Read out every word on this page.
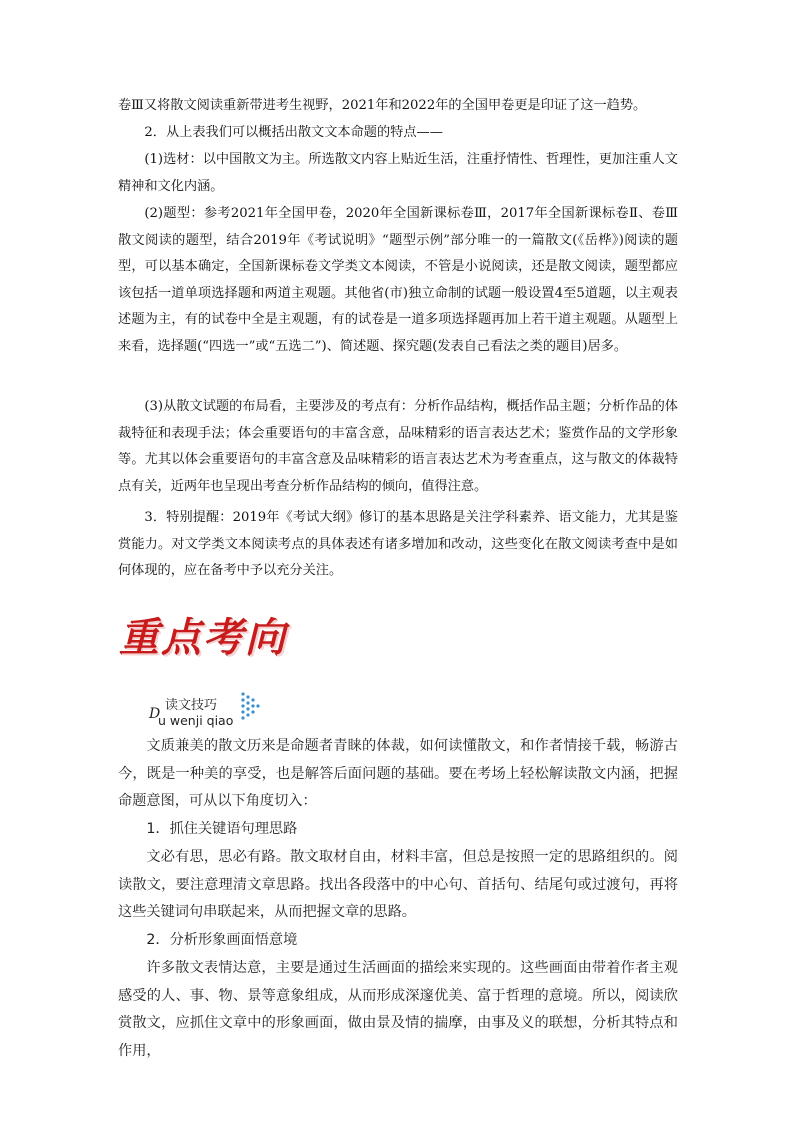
卷Ⅲ又将散文阅读重新带进考生视野，2021年和2022年的全国甲卷更是印证了这一趋势。

2．从上表我们可以概括出散文文本命题的特点——

(1)选材：以中国散文为主。所选散文内容上贴近生活，注重抒情性、哲理性，更加注重人文精神和文化内涵。

(2)题型：参考2021年全国甲卷，2020年全国新课标卷Ⅲ，2017年全国新课标卷Ⅱ、卷Ⅲ散文阅读的题型，结合2019年《考试说明》“题型示例”部分唯一的一篇散文(《岳桦》)阅读的题型，可以基本确定，全国新课标卷文学类文本阅读，不管是小说阅读，还是散文阅读，题型都应该包括一道单项选择题和两道主观题。其他省(市)独立命制的试题一般设置4至5道题，以主观表述题为主，有的试卷中全是主观题，有的试卷是一道多项选择题再加上若干道主观题。从题型上来看，选择题(“四选一”或“五选二”)、简述题、探究题(发表自己看法之类的题目)居多。

(3)从散文试题的布局看，主要涉及的考点有：分析作品结构，概括作品主题；分析作品的体裁特征和表现手法；体会重要语句的丰富含意，品味精彩的语言表达艺术；鉴赏作品的文学形象等。尤其以体会重要语句的丰富含意及品味精彩的语言表达艺术为考查重点，这与散文的体裁特点有关，近两年也呈现出考查分析作品结构的倾向，值得注意。

3．特别提醒：2019年《考试大纲》修订的基本思路是关注学科素养、语文能力，尤其是鉴赏能力。对文学类文本阅读考点的具体表述有诸多增加和改动，这些变化在散文阅读考查中是如何体现的，应在备考中予以充分关注。

重点考向
读文技巧
D
u wenji qiao

文质兼美的散文历来是命题者青睐的体裁，如何读懂散文，和作者情接千载，畅游古今，既是一种美的享受，也是解答后面问题的基础。要在考场上轻松解读散文内涵，把握命题意图，可从以下角度切入：

1．抓住关键语句理思路

文必有思，思必有路。散文取材自由，材料丰富，但总是按照一定的思路组织的。阅读散文，要注意理清文章思路。找出各段落中的中心句、首括句、结尾句或过渡句，再将这些关键词句串联起来，从而把握文章的思路。

2．分析形象画面悟意境

许多散文表情达意，主要是通过生活画面的描绘来实现的。这些画面由带着作者主观感受的人、事、物、景等意象组成，从而形成深邃优美、富于哲理的意境。所以，阅读欣赏散文，应抓住文章中的形象画面，做由景及情的揣摩，由事及义的联想，分析其特点和作用，
